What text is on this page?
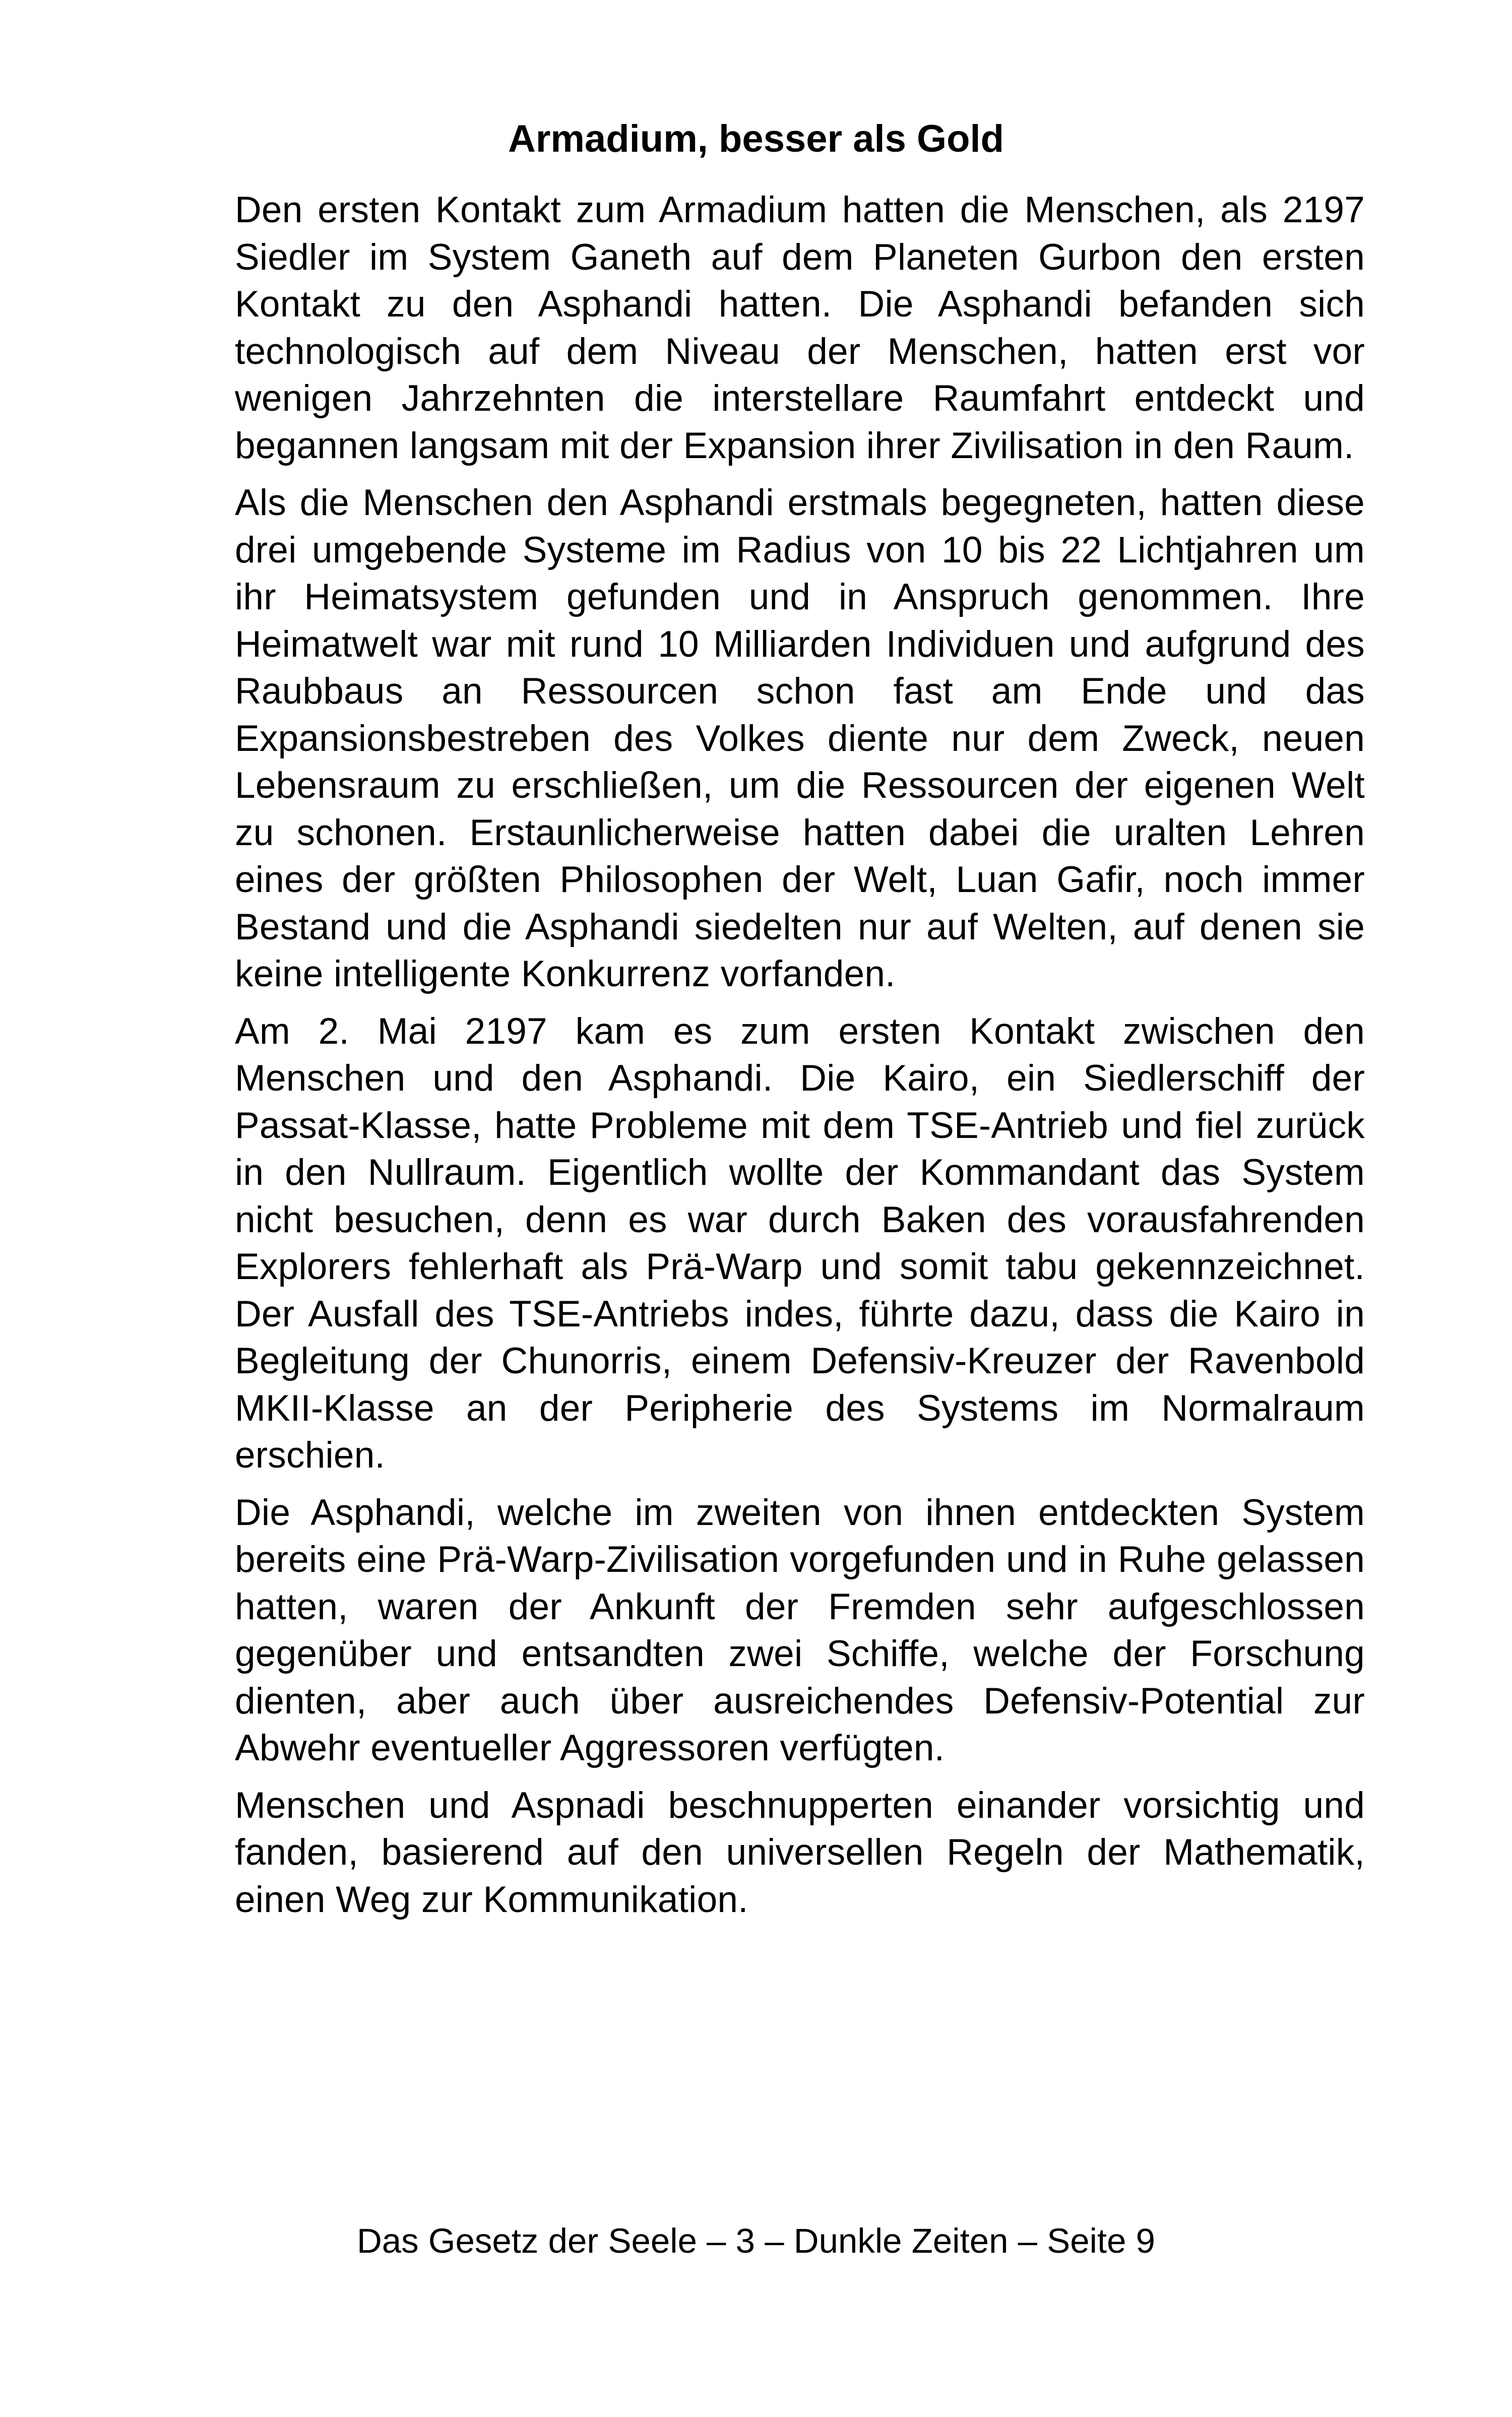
Armadium, besser als Gold

Den ersten Kontakt zum Armadium hatten die Menschen, als 2197 Siedler im System Ganeth auf dem Planeten Gurbon den ersten Kontakt zu den Asphandi hatten. Die Asphandi befanden sich technologisch auf dem Niveau der Menschen, hatten erst vor wenigen Jahrzehnten die interstellare Raumfahrt entdeckt und begannen langsam mit der Expansion ihrer Zivilisation in den Raum.

Als die Menschen den Asphandi erstmals begegneten, hatten diese drei umgebende Systeme im Radius von 10 bis 22 Lichtjahren um ihr Heimatsystem gefunden und in Anspruch genommen. Ihre Heimatwelt war mit rund 10 Milliarden Individuen und aufgrund des Raubbaus an Ressourcen schon fast am Ende und das Expansionsbestreben des Volkes diente nur dem Zweck, neuen Lebensraum zu erschließen, um die Ressourcen der eigenen Welt zu schonen. Erstaunlicherweise hatten dabei die uralten Lehren eines der größten Philosophen der Welt, Luan Gafir, noch immer Bestand und die Asphandi siedelten nur auf Welten, auf denen sie keine intelligente Konkurrenz vorfanden.

Am 2. Mai 2197 kam es zum ersten Kontakt zwischen den Menschen und den Asphandi. Die Kairo, ein Siedlerschiff der Passat-Klasse, hatte Probleme mit dem TSE-Antrieb und fiel zurück in den Nullraum. Eigentlich wollte der Kommandant das System nicht besuchen, denn es war durch Baken des vorausfahrenden Explorers fehlerhaft als Prä-Warp und somit tabu gekennzeichnet. Der Ausfall des TSE-Antriebs indes, führte dazu, dass die Kairo in Begleitung der Chunorris, einem Defensiv-Kreuzer der Ravenbold MKII-Klasse an der Peripherie des Systems im Normalraum erschien.

Die Asphandi, welche im zweiten von ihnen entdeckten System bereits eine Prä-Warp-Zivilisation vorgefunden und in Ruhe gelassen hatten, waren der Ankunft der Fremden sehr aufgeschlossen gegenüber und entsandten zwei Schiffe, welche der Forschung dienten, aber auch über ausreichendes Defensiv-Potential zur Abwehr eventueller Aggressoren verfügten.

Menschen und Aspnadi beschnupperten einander vorsichtig und fanden, basierend auf den universellen Regeln der Mathematik, einen Weg zur Kommunikation.

Das Gesetz der Seele – 3 – Dunkle Zeiten – Seite 9
